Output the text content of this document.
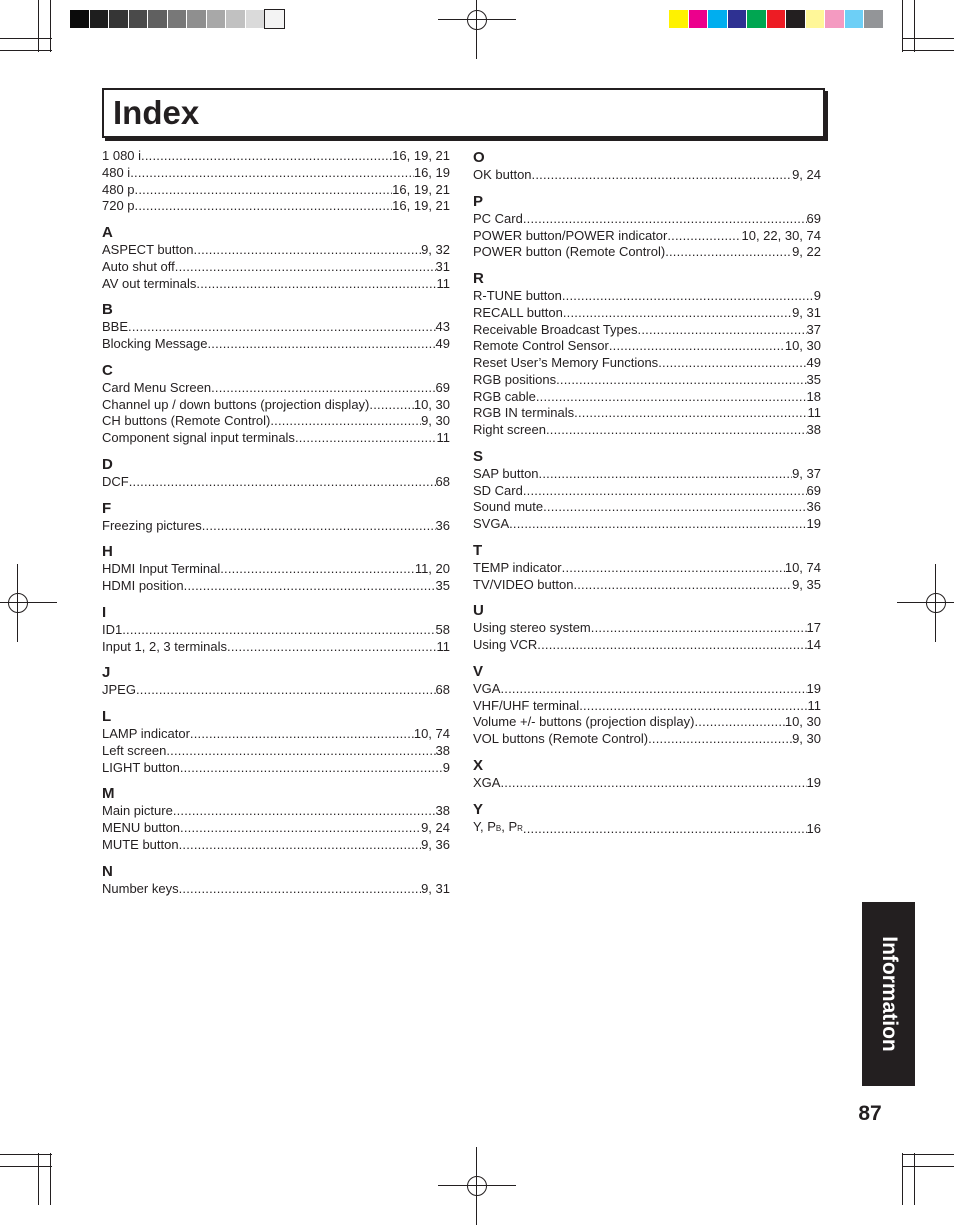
Index
1 080 i .....	16, 19, 21
480 i .....	16, 19
480 p .....	16, 19, 21
720 p .....	16, 19, 21
A
ASPECT button .....	9, 32
Auto shut off .....	31
AV out terminals .....	11
B
BBE .....	43
Blocking Message .....	49
C
Card Menu Screen .....	69
Channel up / down buttons (projection display) .....	10, 30
CH buttons (Remote Control) .....	9, 30
Component signal input terminals .....	11
D
DCF .....	68
F
Freezing pictures .....	36
H
HDMI Input Terminal .....	11, 20
HDMI position .....	35
I
ID1 .....	58
Input 1, 2, 3 terminals .....	11
J
JPEG .....	68
L
LAMP indicator .....	10, 74
Left screen .....	38
LIGHT button .....	9
M
Main picture .....	38
MENU button .....	9, 24
MUTE button .....	9, 36
N
Number keys .....	9, 31
O
OK button .....	9, 24
P
PC Card .....	69
POWER button/POWER indicator .....	10, 22, 30, 74
POWER button (Remote Control) .....	9, 22
R
R-TUNE button .....	9
RECALL button .....	9, 31
Receivable Broadcast Types .....	37
Remote Control Sensor .....	10, 30
Reset User’s Memory Functions .....	49
RGB positions .....	35
RGB cable .....	18
RGB IN terminals .....	11
Right screen .....	38
S
SAP button .....	9, 37
SD Card .....	69
Sound mute .....	36
SVGA .....	19
T
TEMP indicator .....	10, 74
TV/VIDEO button .....	9, 35
U
Using stereo system .....	17
Using VCR .....	14
V
VGA .....	19
VHF/UHF terminal .....	11
Volume +/- buttons (projection display) .....	10, 30
VOL buttons (Remote Control) .....	9, 30
X
XGA .....	19
Y
Y, PB, PR .....	16
Information
87
